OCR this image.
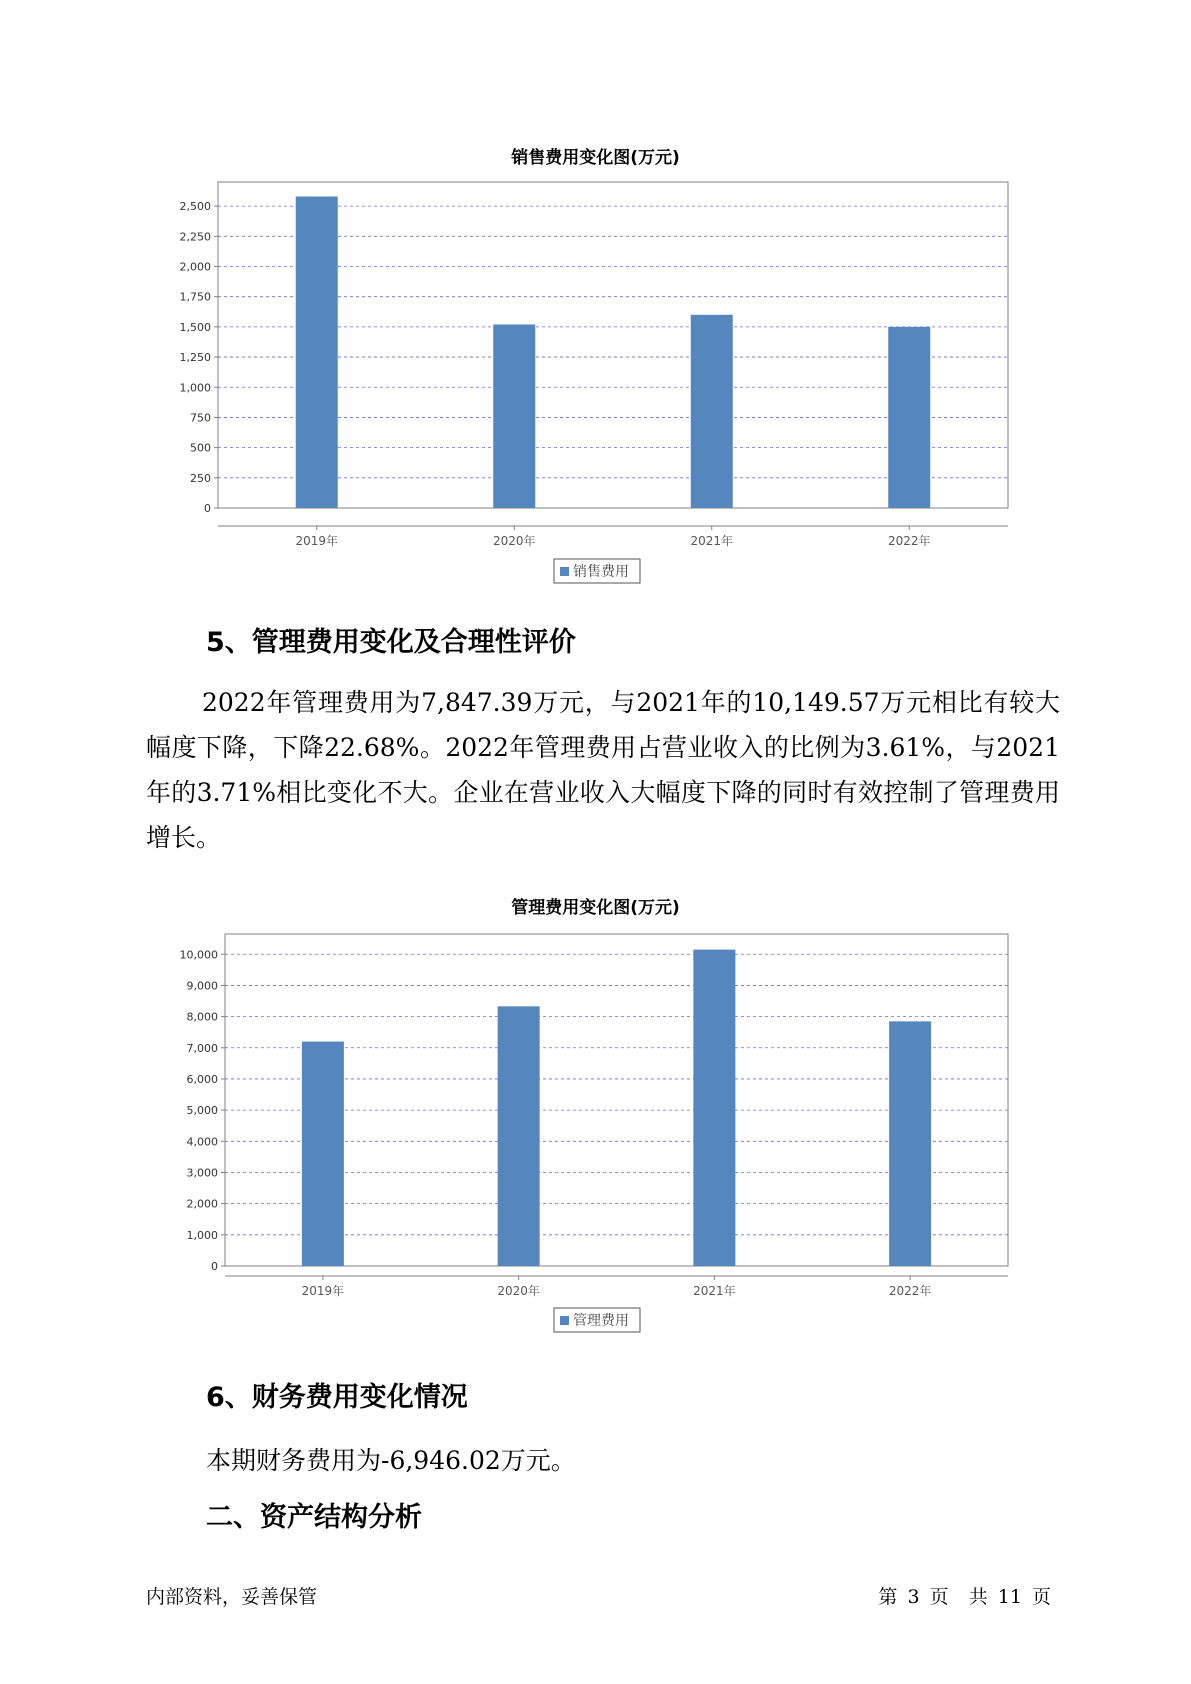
销售费用变化图(万元)
0
250
500
750
1,000
1,250
1,500
1,750
2,000
2,250
2,500
2019年	2020年	2021年	2022年
销售费用
5、管理费用变化及合理性评价

2022年管理费用为7,847.39万元，与2021年的10,149.57万元相比有较大幅度下降，下降22.68%。2022年管理费用占营业收入的比例为3.61%，与2021年的3.71%相比变化不大。企业在营业收入大幅度下降的同时有效控制了管理费用增长。

管理费用变化图(万元)
0
1,000
2,000
3,000
4,000
5,000
6,000
7,000
8,000
9,000
10,000
2019年	2020年	2021年	2022年
管理费用
6、财务费用变化情况

本期财务费用为-6,946.02万元。

二、资产结构分析
内部资料，妥善保管	第 3 页 共 11 页
